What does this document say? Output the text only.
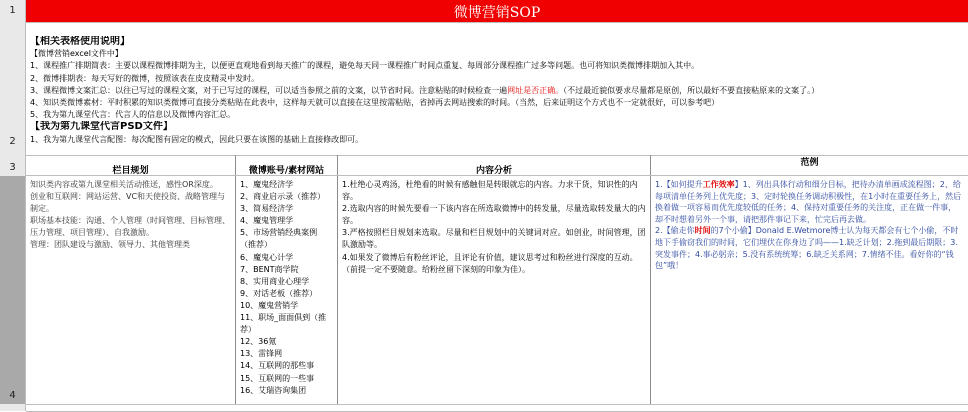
1
2
3
4
微博营销SOP
【相关表格使用说明】
【微博营销excel文件中】
1、课程推广排期简表：主要以课程微博排期为主，以便更直观地看到每天推广的课程，避免每天同一课程推广时间点重复、每周部分课程推广过多等问题。也可将知识类微博排期加入其中。
2、微博排期表：每天写好的微博，按照该表在皮皮精灵中发时。
3、课程微博文案汇总：以往已写过的课程文案，对于已写过的课程，可以适当参照之前的文案，以节省时间。注意粘贴的时候检查一遍网址是否正确。（不过最近貌似要求尽量都是原创，所以最好不要直接粘原来的文案了。）
4、知识类微博素材：平时积累的知识类微博可直接分类粘贴在此表中，这样每天就可以直接在这里按需粘贴，省掉再去网站搜索的时间。（当然，后来证明这个方式也不一定就很好，可以参考吧）
5、我为第九课堂代言：代言人的信息以及微博内容汇总。
【我为第九课堂代言PSD文件】
1、我为第九课堂代言配图：每次配图有固定的模式，因此只要在该图的基础上直接修改即可。
栏目规划	微博账号/素材网站	内容分析
范例
知识类内容或第九课堂相关活动推送，感性OR深度。
创业和互联网：网站运营、VC和天使投资、战略管理与制定。
职场基本技能：沟通、个人管理（时间管理、目标管理、压力管理、项目管理）、自我激励。
管理：团队建设与激励、领导力、其他管理类
1、魔鬼经济学
2、商业启示录（推荐）
3、简易经济学
4、魔鬼管理学
5、市场营销经典案例（推荐）
6、魔鬼心计学
7、BENT商学院
8、实用商业心理学
9、对话老板（推荐）
10、魔鬼营销学
11、职场_面面俱到（推荐）
12、36氪
13、雷锋网
14、互联网的那些事
15、互联网的一些事
16、艾瑞咨询集团
1.杜绝心灵鸡汤，杜绝看的时候有感触但是转眼就忘的内容。力求干货，知识性的内容。
2.选取内容的时候先要看一下该内容在所选取微博中的转发量，尽量选取转发量大的内容。
3.严格按照栏目规划来选取。尽量和栏目规划中的关键词对应。如创业，时间管理，团队激励等。
4.如果发了微博后有粉丝评论，且评论有价值，建议思考过和粉丝进行深度的互动。（前提一定不要随意。给粉丝留下深刻的印象为佳）。
1.【如何提升工作效率】1、列出具体行动和细分目标，把待办清单画成流程图；2、给每项清单任务列上优先度；3、定时轮换任务调动积极性，在1小时在重要任务上，然后换着做一项容易而优先度较低的任务；4、保持对重要任务的关注度，正在做一件事，却不时想着另外一个事，请把那件事记下来，忙完后再去做。
2.【偷走你时间的7个小偷】Donald E.Wetmore博士认为每天都会有七个小偷，不时地下手偷窃我们的时间，它们埋伏在你身边了吗——1.缺乏计划；2.拖到最后期限；3.突发事件；4.事必躬亲；5.没有系统统筹；6.缺乏关系网；7.情绪不佳。看好你的“钱包”哦！
